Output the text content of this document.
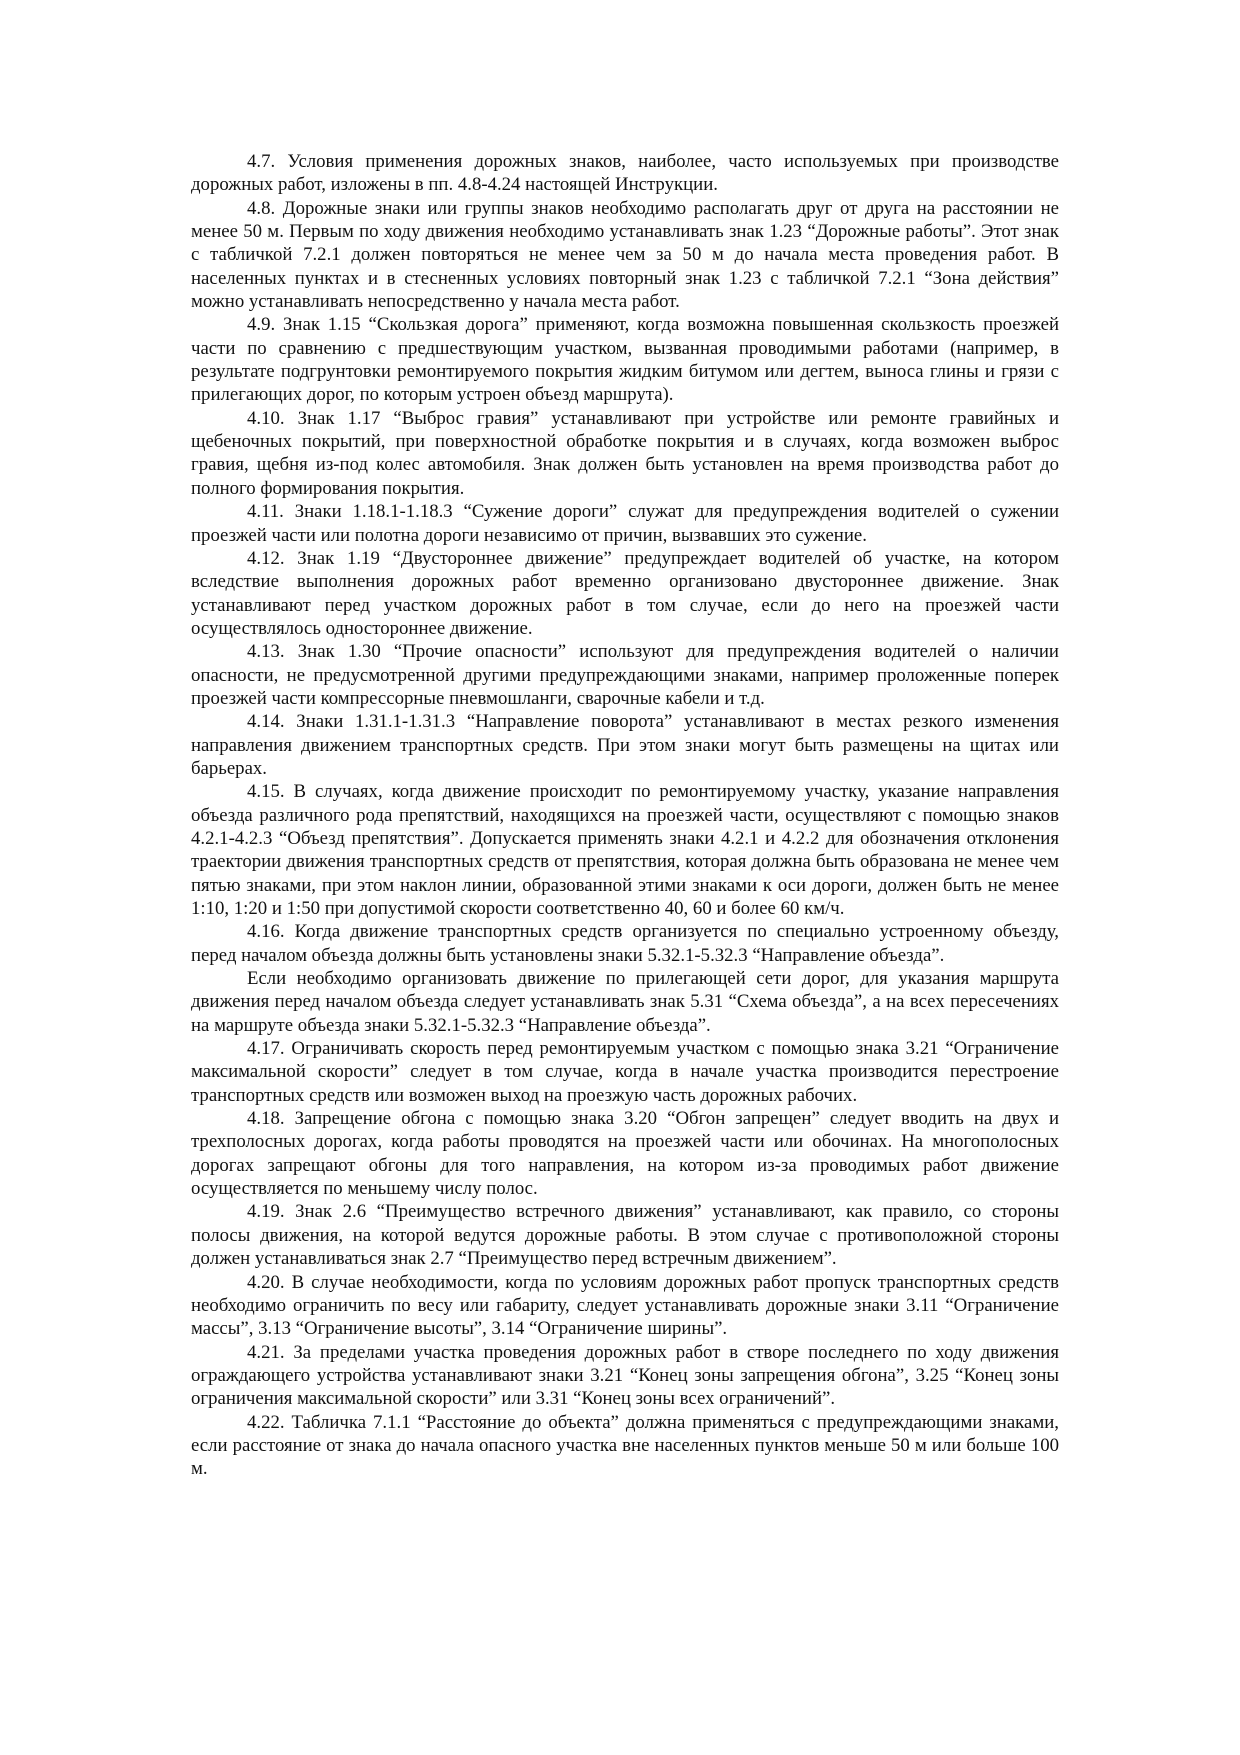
4.7. Условия применения дорожных знаков, наиболее, часто используемых при производстве дорожных работ, изложены в пп. 4.8-4.24 настоящей Инструкции.

4.8. Дорожные знаки или группы знаков необходимо располагать друг от друга на расстоянии не менее 50 м. Первым по ходу движения необходимо устанавливать знак 1.23 “Дорожные работы”. Этот знак с табличкой 7.2.1 должен повторяться не менее чем за 50 м до начала места проведения работ. В населенных пунктах и в стесненных условиях повторный знак 1.23 с табличкой 7.2.1 “Зона действия” можно устанавливать непосредственно у начала места работ.

4.9. Знак 1.15 “Скользкая дорога” применяют, когда возможна повышенная скользкость проезжей части по сравнению с предшествующим участком, вызванная проводимыми работами (например, в результате подгрунтовки ремонтируемого покрытия жидким битумом или дегтем, выноса глины и грязи с прилегающих дорог, по которым устроен объезд маршрута).

4.10. Знак 1.17 “Выброс гравия” устанавливают при устройстве или ремонте гравийных и щебеночных покрытий, при поверхностной обработке покрытия и в случаях, когда возможен выброс гравия, щебня из-под колес автомобиля. Знак должен быть установлен на время производства работ до полного формирования покрытия.

4.11. Знаки 1.18.1-1.18.3 “Сужение дороги” служат для предупреждения водителей о сужении проезжей части или полотна дороги независимо от причин, вызвавших это сужение.

4.12. Знак 1.19 “Двустороннее движение” предупреждает водителей об участке, на котором вследствие выполнения дорожных работ временно организовано двустороннее движение. Знак устанавливают перед участком дорожных работ в том случае, если до него на проезжей части осуществлялось одностороннее движение.

4.13. Знак 1.30 “Прочие опасности” используют для предупреждения водителей о наличии опасности, не предусмотренной другими предупреждающими знаками, например проложенные поперек проезжей части компрессорные пневмошланги, сварочные кабели и т.д.

4.14. Знаки 1.31.1-1.31.3 “Направление поворота” устанавливают в местах резкого изменения направления движением транспортных средств. При этом знаки могут быть размещены на щитах или барьерах.

4.15. В случаях, когда движение происходит по ремонтируемому участку, указание направления объезда различного рода препятствий, находящихся на проезжей части, осуществляют с помощью знаков 4.2.1-4.2.3 “Объезд препятствия”. Допускается применять знаки 4.2.1 и 4.2.2 для обозначения отклонения траектории движения транспортных средств от препятствия, которая должна быть образована не менее чем пятью знаками, при этом наклон линии, образованной этими знаками к оси дороги, должен быть не менее 1:10, 1:20 и 1:50 при допустимой скорости соответственно 40, 60 и более 60 км/ч.

4.16. Когда движение транспортных средств организуется по специально устроенному объезду, перед началом объезда должны быть установлены знаки 5.32.1-5.32.3 “Направление объезда”.

Если необходимо организовать движение по прилегающей сети дорог, для указания маршрута движения перед началом объезда следует устанавливать знак 5.31 “Схема объезда”, а на всех пересечениях на маршруте объезда знаки 5.32.1-5.32.3 “Направление объезда”.

4.17. Ограничивать скорость перед ремонтируемым участком с помощью знака 3.21 “Ограничение максимальной скорости” следует в том случае, когда в начале участка производится перестроение транспортных средств или возможен выход на проезжую часть дорожных рабочих.

4.18. Запрещение обгона с помощью знака 3.20 “Обгон запрещен” следует вводить на двух и трехполосных дорогах, когда работы проводятся на проезжей части или обочинах. На многополосных дорогах запрещают обгоны для того направления, на котором из-за проводимых работ движение осуществляется по меньшему числу полос.

4.19. Знак 2.6 “Преимущество встречного движения” устанавливают, как правило, со стороны полосы движения, на которой ведутся дорожные работы. В этом случае с противоположной стороны должен устанавливаться знак 2.7 “Преимущество перед встречным движением”.

4.20. В случае необходимости, когда по условиям дорожных работ пропуск транспортных средств необходимо ограничить по весу или габариту, следует устанавливать дорожные знаки 3.11 “Ограничение массы”, 3.13 “Ограничение высоты”, 3.14 “Ограничение ширины”.

4.21. За пределами участка проведения дорожных работ в створе последнего по ходу движения ограждающего устройства устанавливают знаки 3.21 “Конец зоны запрещения обгона”, 3.25 “Конец зоны ограничения максимальной скорости” или 3.31 “Конец зоны всех ограничений”.

4.22. Табличка 7.1.1 “Расстояние до объекта” должна применяться с предупреждающими знаками, если расстояние от знака до начала опасного участка вне населенных пунктов меньше 50 м или больше 100 м.
